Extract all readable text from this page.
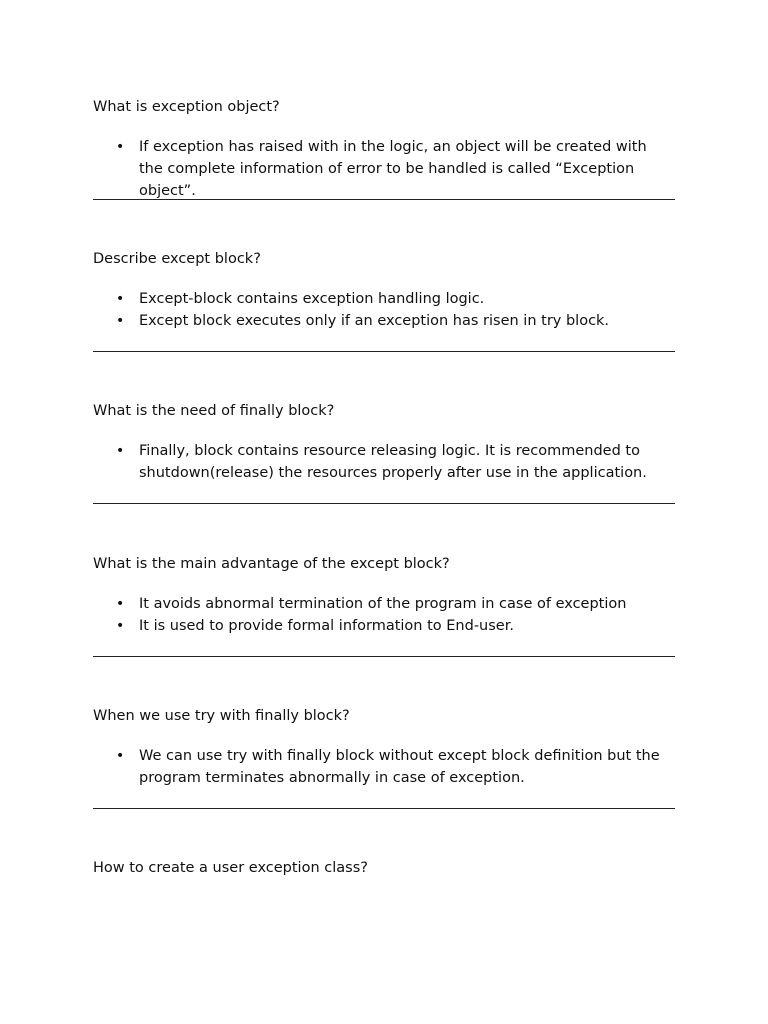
What is exception object?

• If exception has raised with in the logic, an object will be created with the complete information of error to be handled is called “Exception object”.

Describe except block?

• Except-block contains exception handling logic.
• Except block executes only if an exception has risen in try block.

What is the need of finally block?

• Finally, block contains resource releasing logic. It is recommended to shutdown(release) the resources properly after use in the application.

What is the main advantage of the except block?

• It avoids abnormal termination of the program in case of exception
• It is used to provide formal information to End-user.

When we use try with finally block?

• We can use try with finally block without except block definition but the program terminates abnormally in case of exception.

How to create a user exception class?
